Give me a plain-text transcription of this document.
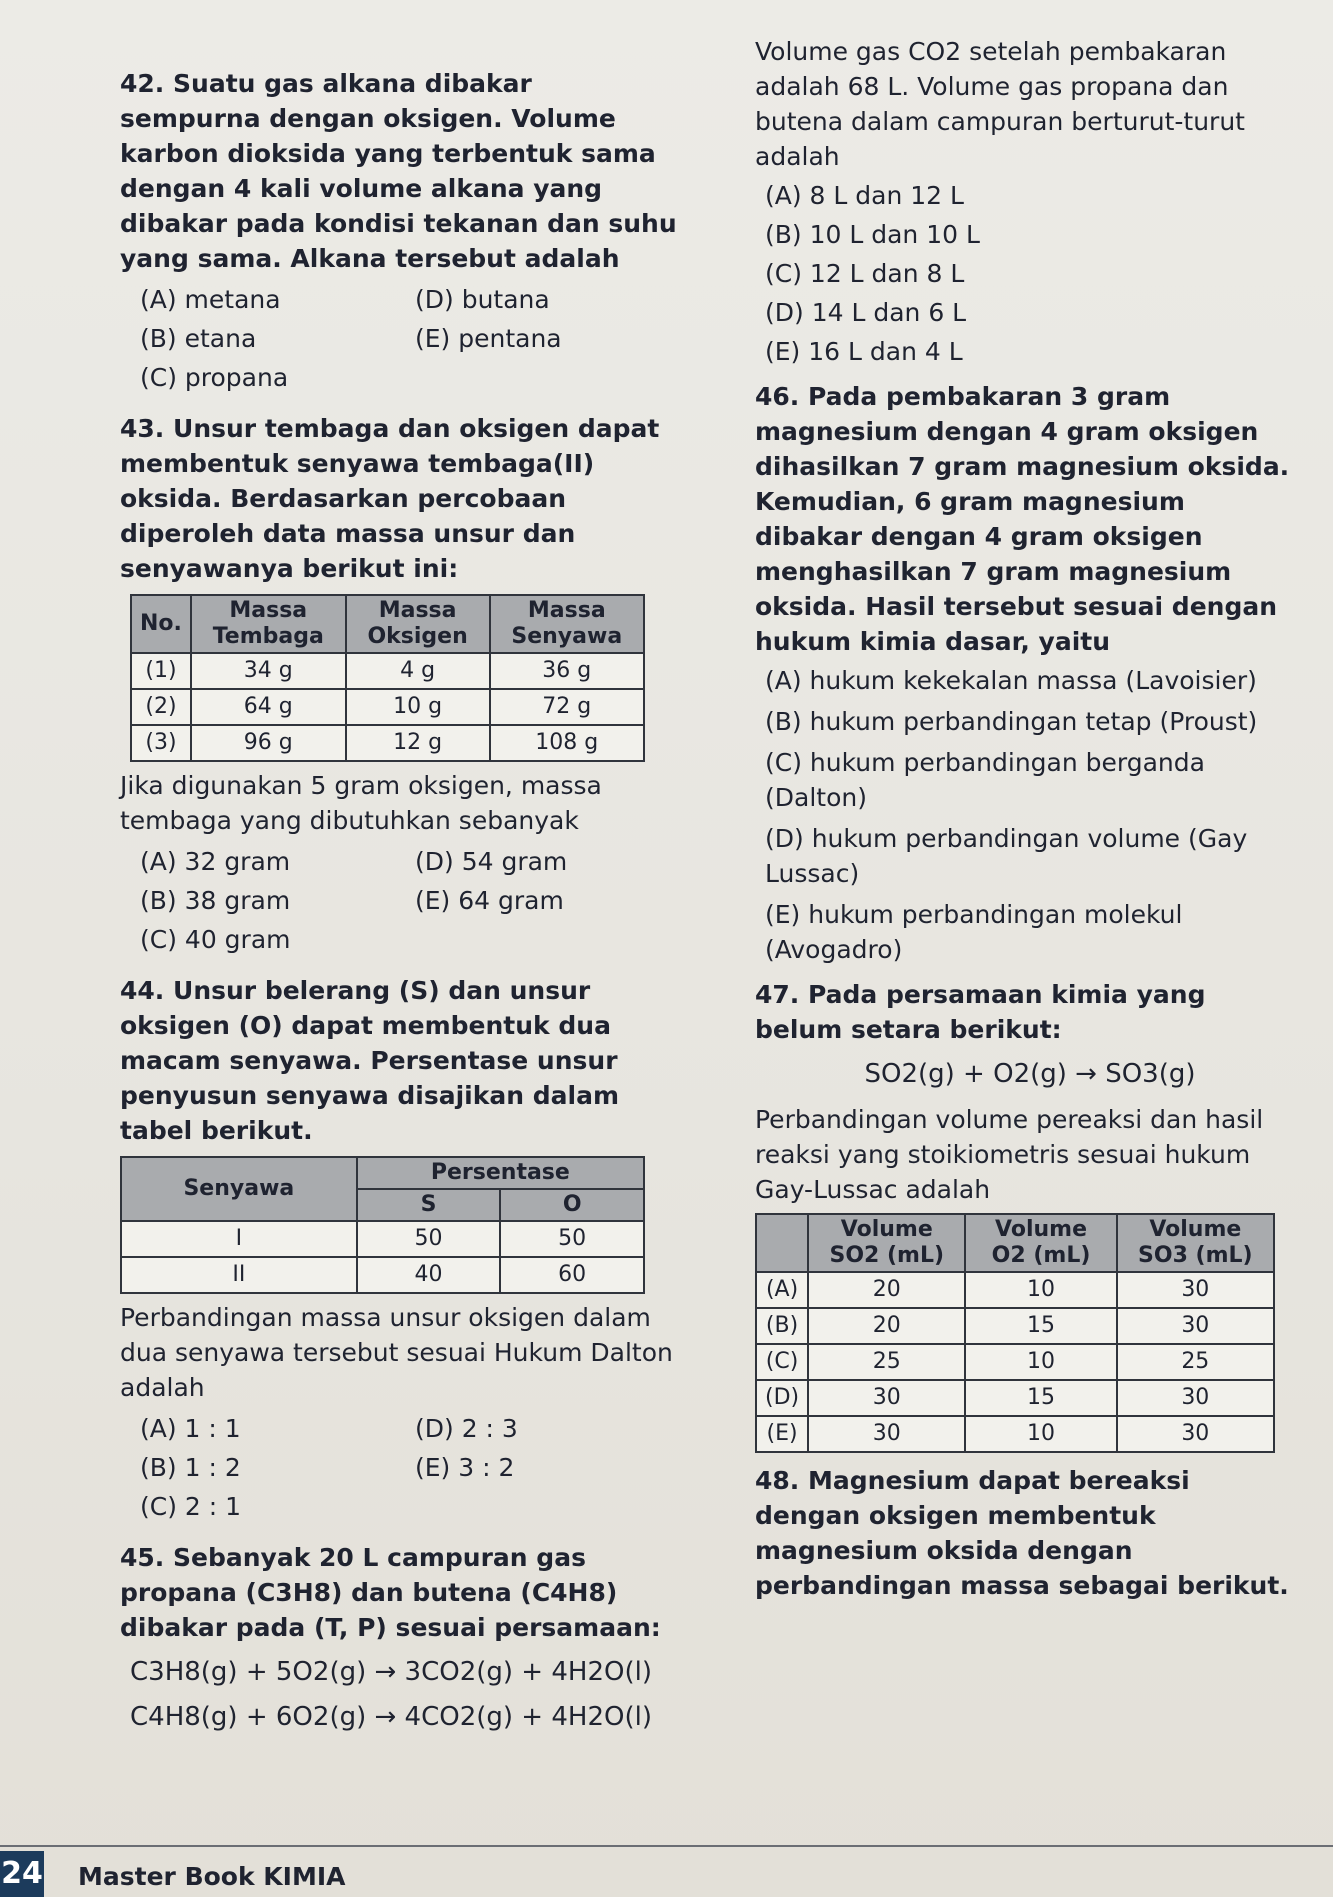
42. Suatu gas alkana dibakar sempurna dengan oksigen. Volume karbon dioksida yang terbentuk sama dengan 4 kali volume alkana yang dibakar pada kondisi tekanan dan suhu yang sama. Alkana tersebut adalah

(A) metana	(D) butana
(B) etana	(E) pentana
(C) propana

43. Unsur tembaga dan oksigen dapat membentuk senyawa tembaga(II) oksida. Berdasarkan percobaan diperoleh data massa unsur dan senyawanya berikut ini:

No.	Massa Tembaga	Massa Oksigen	Massa Senyawa
(1)	34 g	4 g	36 g
(2)	64 g	10 g	72 g
(3)	96 g	12 g	108 g

Jika digunakan 5 gram oksigen, massa tembaga yang dibutuhkan sebanyak

(A) 32 gram	(D) 54 gram
(B) 38 gram	(E) 64 gram
(C) 40 gram

44. Unsur belerang (S) dan unsur oksigen (O) dapat membentuk dua macam senyawa. Persentase unsur penyusun senyawa disajikan dalam tabel berikut.

Senyawa	Persentase	
	S	O
I	50	50
II	40	60

Perbandingan massa unsur oksigen dalam dua senyawa tersebut sesuai Hukum Dalton adalah

(A) 1 : 1	(D) 2 : 3
(B) 1 : 2	(E) 3 : 2
(C) 2 : 1

45. Sebanyak 20 L campuran gas propana (C3H8) dan butena (C4H8) dibakar pada (T, P) sesuai persamaan:

C3H8(g) + 5O2(g) → 3CO2(g) + 4H2O(l)

C4H8(g) + 6O2(g) → 4CO2(g) + 4H2O(l)

Volume gas CO2 setelah pembakaran adalah 68 L. Volume gas propana dan butena dalam campuran berturut-turut adalah

(A) 8 L dan 12 L
(B) 10 L dan 10 L
(C) 12 L dan 8 L
(D) 14 L dan 6 L
(E) 16 L dan 4 L

46. Pada pembakaran 3 gram magnesium dengan 4 gram oksigen dihasilkan 7 gram magnesium oksida. Kemudian, 6 gram magnesium dibakar dengan 4 gram oksigen menghasilkan 7 gram magnesium oksida. Hasil tersebut sesuai dengan hukum kimia dasar, yaitu

(A) hukum kekekalan massa (Lavoisier)
(B) hukum perbandingan tetap (Proust)
(C) hukum perbandingan berganda (Dalton)
(D) hukum perbandingan volume (Gay Lussac)
(E) hukum perbandingan molekul (Avogadro)

47. Pada persamaan kimia yang belum setara berikut:

SO2(g) + O2(g) → SO3(g)

Perbandingan volume pereaksi dan hasil reaksi yang stoikiometris sesuai hukum Gay-Lussac adalah

	Volume SO2 (mL)	Volume O2 (mL)	Volume SO3 (mL)
(A)	20	10	30
(B)	20	15	30
(C)	25	10	25
(D)	30	15	30
(E)	30	10	30

48. Magnesium dapat bereaksi dengan oksigen membentuk magnesium oksida dengan perbandingan massa sebagai berikut.

24 Master Book KIMIA
